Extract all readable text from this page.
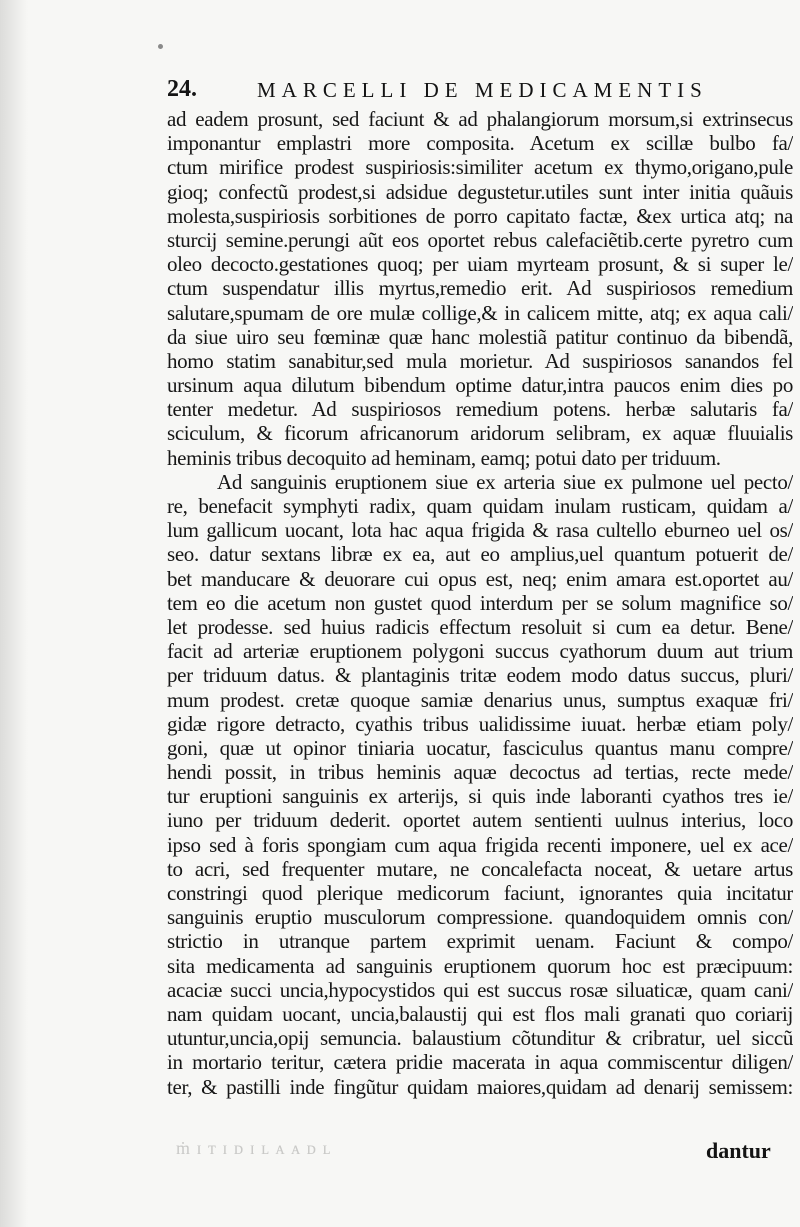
24.	MARCELLI DE MEDICAMENTIS
ad eadem prosunt, sed faciunt & ad phalangiorum morsum,si extrinsecus
imponantur emplastri more composita. Acetum ex scillæ bulbo fa/
ctum mirifice prodest suspiriosis:similiter acetum ex thymo,origano,pule
gioq; confectũ prodest,si adsidue degustetur.utiles sunt inter initia quãuis
molesta,suspiriosis sorbitiones de porro capitato factæ, &ex urtica atq; na
sturcij semine.perungi aũt eos oportet rebus calefaciẽtib.certe pyretro cum
oleo decocto.gestationes quoq; per uiam myrteam prosunt, & si super le/
ctum suspendatur illis myrtus,remedio erit. Ad suspiriosos remedium
salutare,spumam de ore mulæ collige,& in calicem mitte, atq; ex aqua cali/
da siue uiro seu fœminæ quæ hanc molestiã patitur continuo da bibendã,
homo statim sanabitur,sed mula morietur. Ad suspiriosos sanandos fel
ursinum aqua dilutum bibendum optime datur,intra paucos enim dies po
tenter medetur. Ad suspiriosos remedium potens. herbæ salutaris fa/
sciculum, & ficorum africanorum aridorum selibram, ex aquæ fluuialis
heminis tribus decoquito ad heminam, eamq; potui dato per triduum.
Ad sanguinis eruptionem siue ex arteria siue ex pulmone uel pecto/
re, benefacit symphyti radix, quam quidam inulam rusticam, quidam a/
lum gallicum uocant, lota hac aqua frigida & rasa cultello eburneo uel os/
seo. datur sextans libræ ex ea, aut eo amplius,uel quantum potuerit de/
bet manducare & deuorare cui opus est, neq; enim amara est.oportet au/
tem eo die acetum non gustet quod interdum per se solum magnifice so/
let prodesse. sed huius radicis effectum resoluit si cum ea detur. Bene/
facit ad arteriæ eruptionem polygoni succus cyathorum duum aut trium
per triduum datus. & plantaginis tritæ eodem modo datus succus, pluri/
mum prodest. cretæ quoque samiæ denarius unus, sumptus exaquæ fri/
gidæ rigore detracto, cyathis tribus ualidissime iuuat. herbæ etiam poly/
goni, quæ ut opinor tiniaria uocatur, fasciculus quantus manu compre/
hendi possit, in tribus heminis aquæ decoctus ad tertias, recte mede/
tur eruptioni sanguinis ex arterijs, si quis inde laboranti cyathos tres ie/
iuno per triduum dederit. oportet autem sentienti uulnus interius, loco
ipso sed à foris spongiam cum aqua frigida recenti imponere, uel ex ace/
to acri, sed frequenter mutare, ne concalefacta noceat, & uetare artus
constringi quod plerique medicorum faciunt, ignorantes quia incitatur
sanguinis eruptio musculorum compressione. quandoquidem omnis con/
strictio in utranque partem exprimit uenam. Faciunt & compo/
sita medicamenta ad sanguinis eruptionem quorum hoc est præcipuum:
acaciæ succi uncia,hypocystidos qui est succus rosæ siluaticæ, quam cani/
nam quidam uocant, uncia,balaustij qui est flos mali granati quo coriarij
utuntur,uncia,opij semuncia. balaustium cõtunditur & cribratur, uel siccũ
in mortario teritur, cætera pridie macerata in aqua commiscentur diligen/
ter, & pastilli inde fingũtur quidam maiores,quidam ad denarij semissem:
ṁ ɪ ᴛ ɪ ᴅ ɪ ʟ ᴀ ᴀ ᴅ ʟ	dantur
